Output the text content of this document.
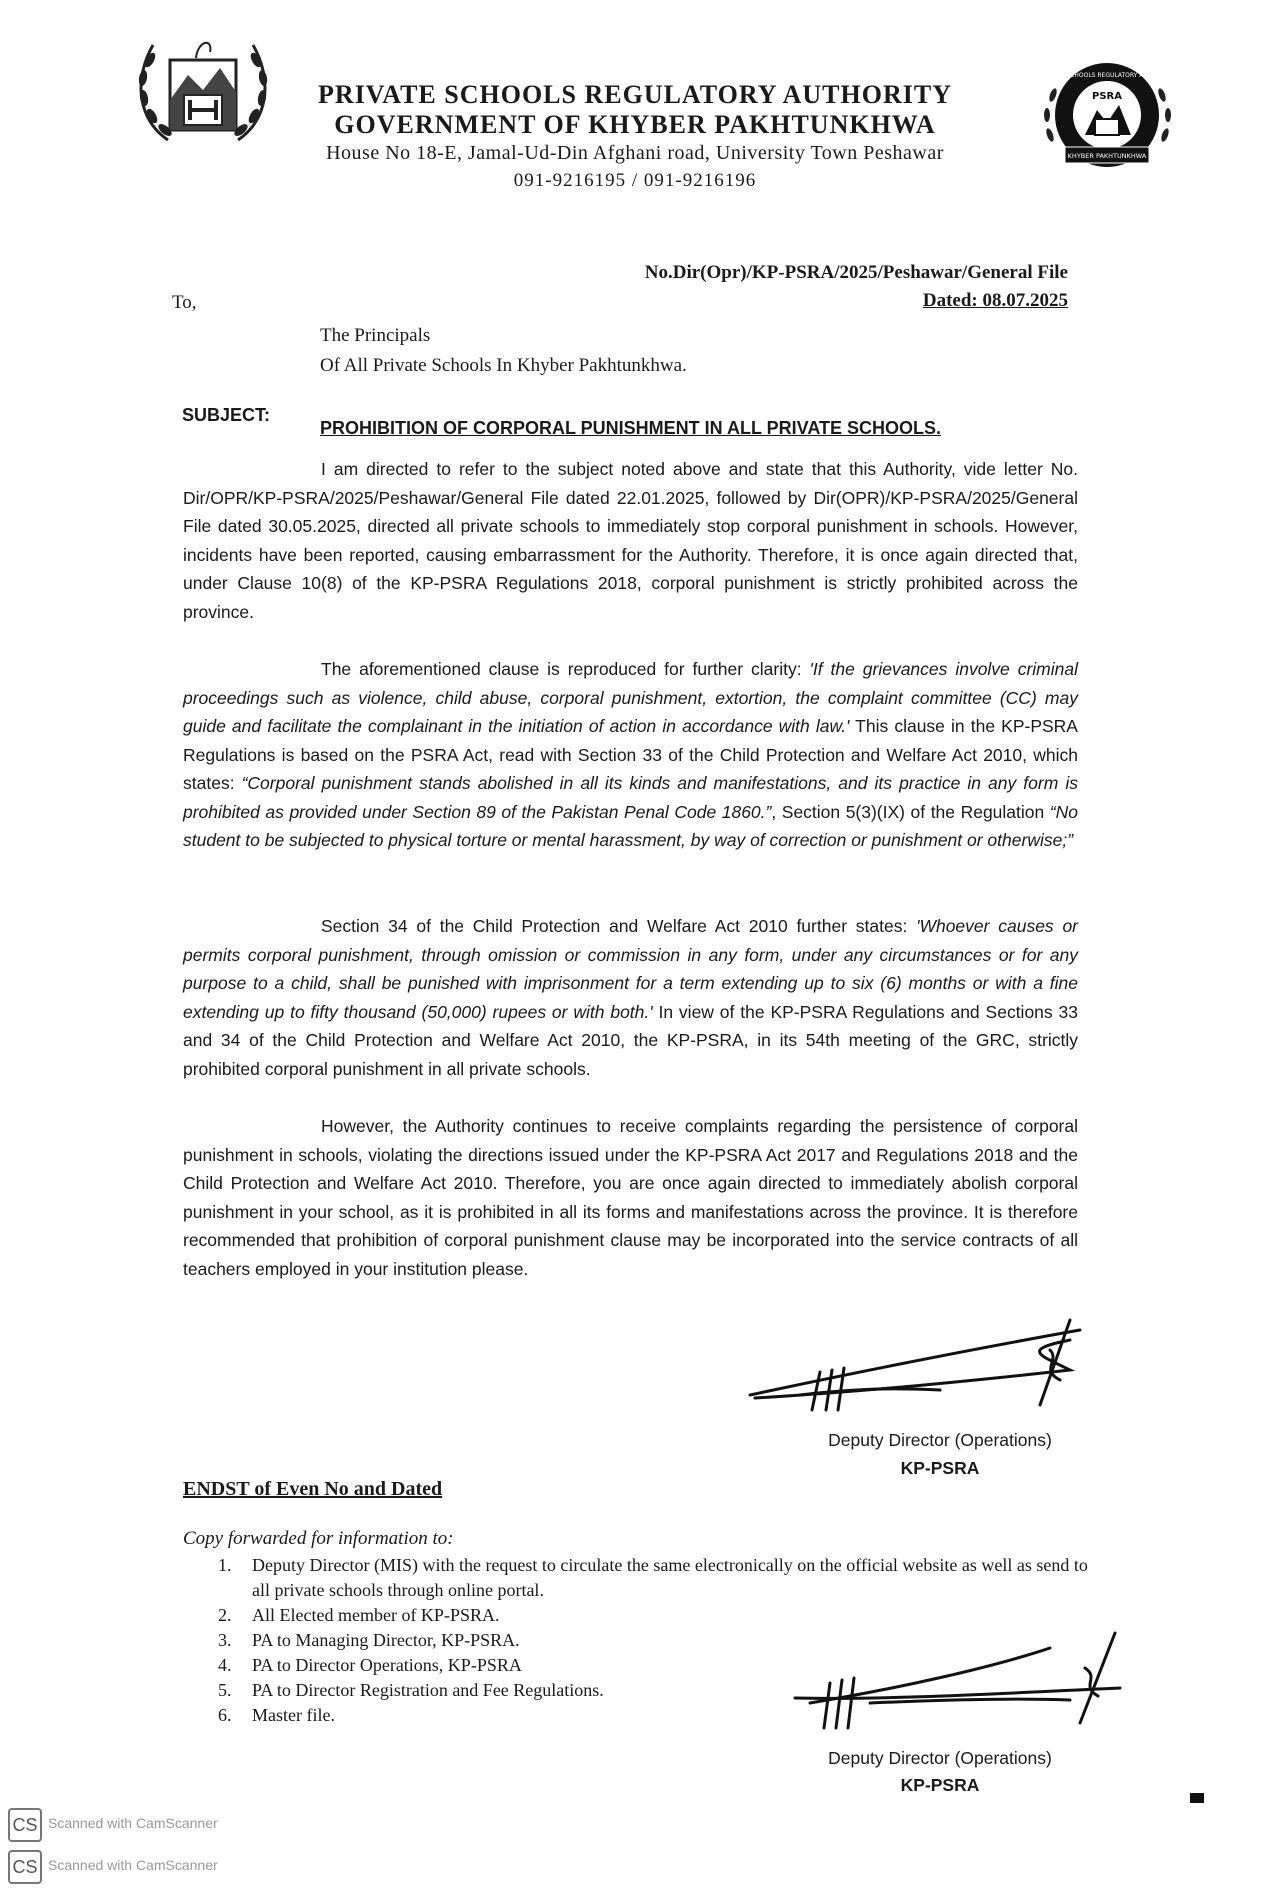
PRIVATE SCHOOLS REGULATORY AUTHORITY
GOVERNMENT OF KHYBER PAKHTUNKHWA
House No 18-E, Jamal-Ud-Din Afghani road, University Town Peshawar
091-9216195 / 091-9216196
PRIVATE SCHOOLS REGULATORY AUTHORITY
PSRA
KHYBER PAKHTUNKHWA
No.Dir(Opr)/KP-PSRA/2025/Peshawar/General File
Dated: 08.07.2025
To,
The Principals
Of All Private Schools In Khyber Pakhtunkhwa.
SUBJECT:
PROHIBITION OF CORPORAL PUNISHMENT IN ALL PRIVATE SCHOOLS.

I am directed to refer to the subject noted above and state that this Authority, vide letter No. Dir/OPR/KP-PSRA/2025/Peshawar/General File dated 22.01.2025, followed by Dir(OPR)/KP-PSRA/2025/General File dated 30.05.2025, directed all private schools to immediately stop corporal punishment in schools. However, incidents have been reported, causing embarrassment for the Authority. Therefore, it is once again directed that, under Clause 10(8) of the KP-PSRA Regulations 2018, corporal punishment is strictly prohibited across the province.

The aforementioned clause is reproduced for further clarity: 'If the grievances involve criminal proceedings such as violence, child abuse, corporal punishment, extortion, the complaint committee (CC) may guide and facilitate the complainant in the initiation of action in accordance with law.' This clause in the KP-PSRA Regulations is based on the PSRA Act, read with Section 33 of the Child Protection and Welfare Act 2010, which states: “Corporal punishment stands abolished in all its kinds and manifestations, and its practice in any form is prohibited as provided under Section 89 of the Pakistan Penal Code 1860.”, Section 5(3)(IX) of the Regulation “No student to be subjected to physical torture or mental harassment, by way of correction or punishment or otherwise;”

Section 34 of the Child Protection and Welfare Act 2010 further states: 'Whoever causes or permits corporal punishment, through omission or commission in any form, under any circumstances or for any purpose to a child, shall be punished with imprisonment for a term extending up to six (6) months or with a fine extending up to fifty thousand (50,000) rupees or with both.' In view of the KP-PSRA Regulations and Sections 33 and 34 of the Child Protection and Welfare Act 2010, the KP-PSRA, in its 54th meeting of the GRC, strictly prohibited corporal punishment in all private schools.

However, the Authority continues to receive complaints regarding the persistence of corporal punishment in schools, violating the directions issued under the KP-PSRA Act 2017 and Regulations 2018 and the Child Protection and Welfare Act 2010. Therefore, you are once again directed to immediately abolish corporal punishment in your school, as it is prohibited in all its forms and manifestations across the province. It is therefore recommended that prohibition of corporal punishment clause may be incorporated into the service contracts of all teachers employed in your institution please.

Deputy Director (Operations)
KP-PSRA
ENDST of Even No and Dated
Copy forwarded for information to:
1. Deputy Director (MIS) with the request to circulate the same electronically on the official website as well as send to all private schools through online portal.
2. All Elected member of KP-PSRA.
3. PA to Managing Director, KP-PSRA.
4. PA to Director Operations, KP-PSRA
5. PA to Director Registration and Fee Regulations.
6. Master file.
Deputy Director (Operations)
KP-PSRA
CS Scanned with CamScanner
CS Scanned with CamScanner
